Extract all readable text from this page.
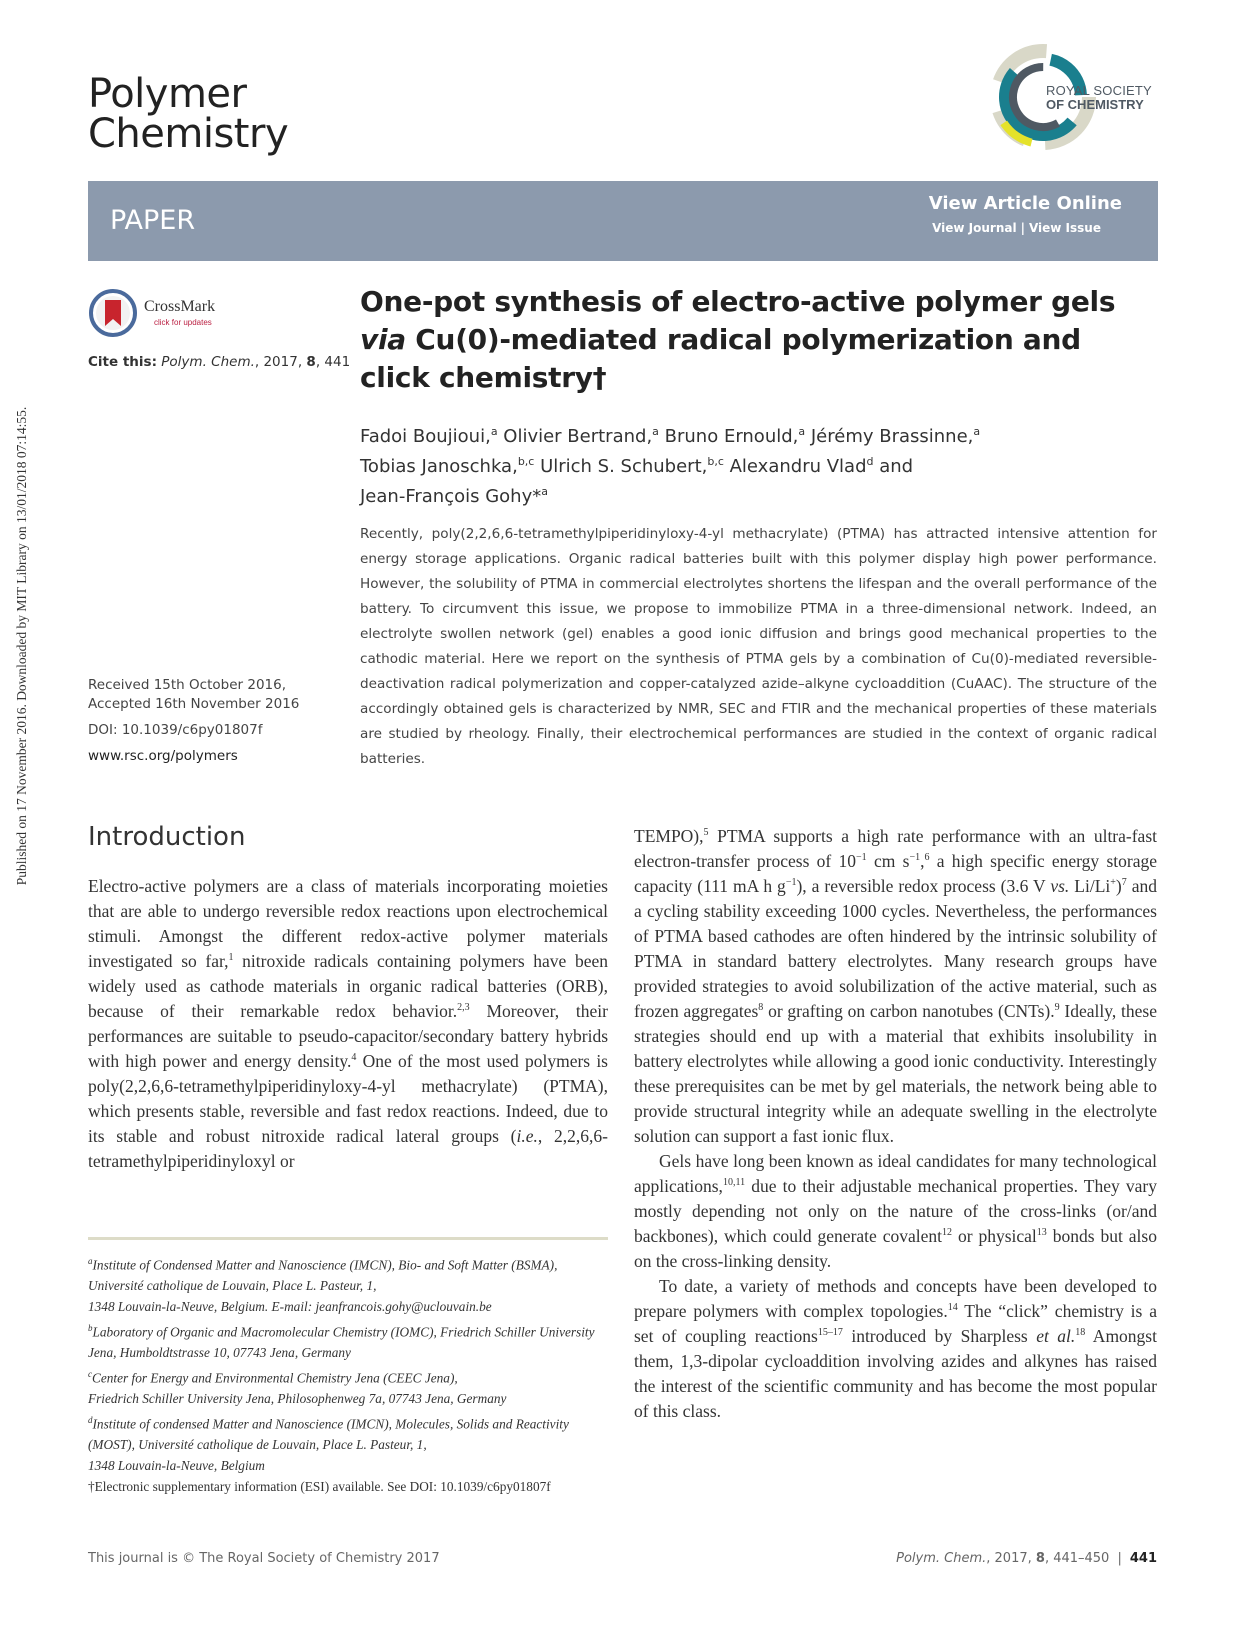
Published on 17 November 2016. Downloaded by MIT Library on 13/01/2018 07:14:55.
Polymer
Chemistry
ROYAL SOCIETY
OF CHEMISTRY
PAPER
View Article Online
View Journal | View Issue
CrossMark
click for updates
Cite this: Polym. Chem., 2017, 8, 441
Received 15th October 2016,
Accepted 16th November 2016
DOI: 10.1039/c6py01807f
www.rsc.org/polymers
One-pot synthesis of electro-active polymer gels
via Cu(0)-mediated radical polymerization and
click chemistry†
Fadoi Boujioui,$^a$ Olivier Bertrand,$^a$ Bruno Ernould,$^a$ Jérémy Brassinne,$^a$
Tobias Janoschka,$^{b,c}$ Ulrich S. Schubert,$^{b,c}$ Alexandru Vlad$^d$ and
Jean-François Gohy*$^a$
Recently, poly(2,2,6,6-tetramethylpiperidinyloxy-4-yl methacrylate) (PTMA) has attracted intensive attention for energy storage applications. Organic radical batteries built with this polymer display high power performance. However, the solubility of PTMA in commercial electrolytes shortens the lifespan and the overall performance of the battery. To circumvent this issue, we propose to immobilize PTMA in a three-dimensional network. Indeed, an electrolyte swollen network (gel) enables a good ionic diffusion and brings good mechanical properties to the cathodic material. Here we report on the synthesis of PTMA gels by a combination of Cu(0)-mediated reversible-deactivation radical polymerization and copper-catalyzed azide–alkyne cycloaddition (CuAAC). The structure of the accordingly obtained gels is characterized by NMR, SEC and FTIR and the mechanical properties of these materials are studied by rheology. Finally, their electrochemical performances are studied in the context of organic radical batteries.
Introduction

Electro-active polymers are a class of materials incorporating moieties that are able to undergo reversible redox reactions upon electrochemical stimuli. Amongst the different redox-active polymer materials investigated so far,$^1$ nitroxide radicals containing polymers have been widely used as cathode materials in organic radical batteries (ORB), because of their remarkable redox behavior.$^{2,3}$ Moreover, their performances are suitable to pseudo-capacitor/secondary battery hybrids with high power and energy density.$^4$ One of the most used polymers is poly(2,2,6,6-tetramethylpiperidinyloxy-4-yl methacrylate) (PTMA), which presents stable, reversible and fast redox reactions. Indeed, due to its stable and robust nitroxide radical lateral groups (i.e., 2,2,6,6-tetramethylpiperidinyloxyl or

$^a$Institute of Condensed Matter and Nanoscience (IMCN), Bio- and Soft Matter (BSMA), Université catholique de Louvain, Place L. Pasteur, 1,
1348 Louvain-la-Neuve, Belgium. E-mail: jeanfrancois.gohy@uclouvain.be
$^b$Laboratory of Organic and Macromolecular Chemistry (IOMC), Friedrich Schiller University Jena, Humboldtstrasse 10, 07743 Jena, Germany
$^c$Center for Energy and Environmental Chemistry Jena (CEEC Jena),
Friedrich Schiller University Jena, Philosophenweg 7a, 07743 Jena, Germany
$^d$Institute of condensed Matter and Nanoscience (IMCN), Molecules, Solids and Reactivity (MOST), Université catholique de Louvain, Place L. Pasteur, 1,
1348 Louvain-la-Neuve, Belgium
†Electronic supplementary information (ESI) available. See DOI: 10.1039/c6py01807f

TEMPO),$^5$ PTMA supports a high rate performance with an ultra-fast electron-transfer process of $10^{-1}$ cm $s^{-1},^6$ a high specific energy storage capacity (111 mA h $g^{-1}$), a reversible redox process (3.6 V vs. Li/Li+)$^7$ and a cycling stability exceeding 1000 cycles. Nevertheless, the performances of PTMA based cathodes are often hindered by the intrinsic solubility of PTMA in standard battery electrolytes. Many research groups have provided strategies to avoid solubilization of the active material, such as frozen aggregates$^8$ or grafting on carbon nanotubes (CNTs).$^9$ Ideally, these strategies should end up with a material that exhibits insolubility in battery electrolytes while allowing a good ionic conductivity. Interestingly these prerequisites can be met by gel materials, the network being able to provide structural integrity while an adequate swelling in the electrolyte solution can support a fast ionic flux.

Gels have long been known as ideal candidates for many technological applications,$^{10,11}$ due to their adjustable mechanical properties. They vary mostly depending not only on the nature of the cross-links (or/and backbones), which could generate covalent$^{12}$ or physical$^{13}$ bonds but also on the cross-linking density.

To date, a variety of methods and concepts have been developed to prepare polymers with complex topologies.$^{14}$ The “click” chemistry is a set of coupling reactions$^{15-17}$ introduced by Sharpless et al.$^{18}$ Amongst them, 1,3-dipolar cycloaddition involving azides and alkynes has raised the interest of the scientific community and has become the most popular of this class.

This journal is © The Royal Society of Chemistry 2017	Polym. Chem., 2017, 8, 441–450 | 441
